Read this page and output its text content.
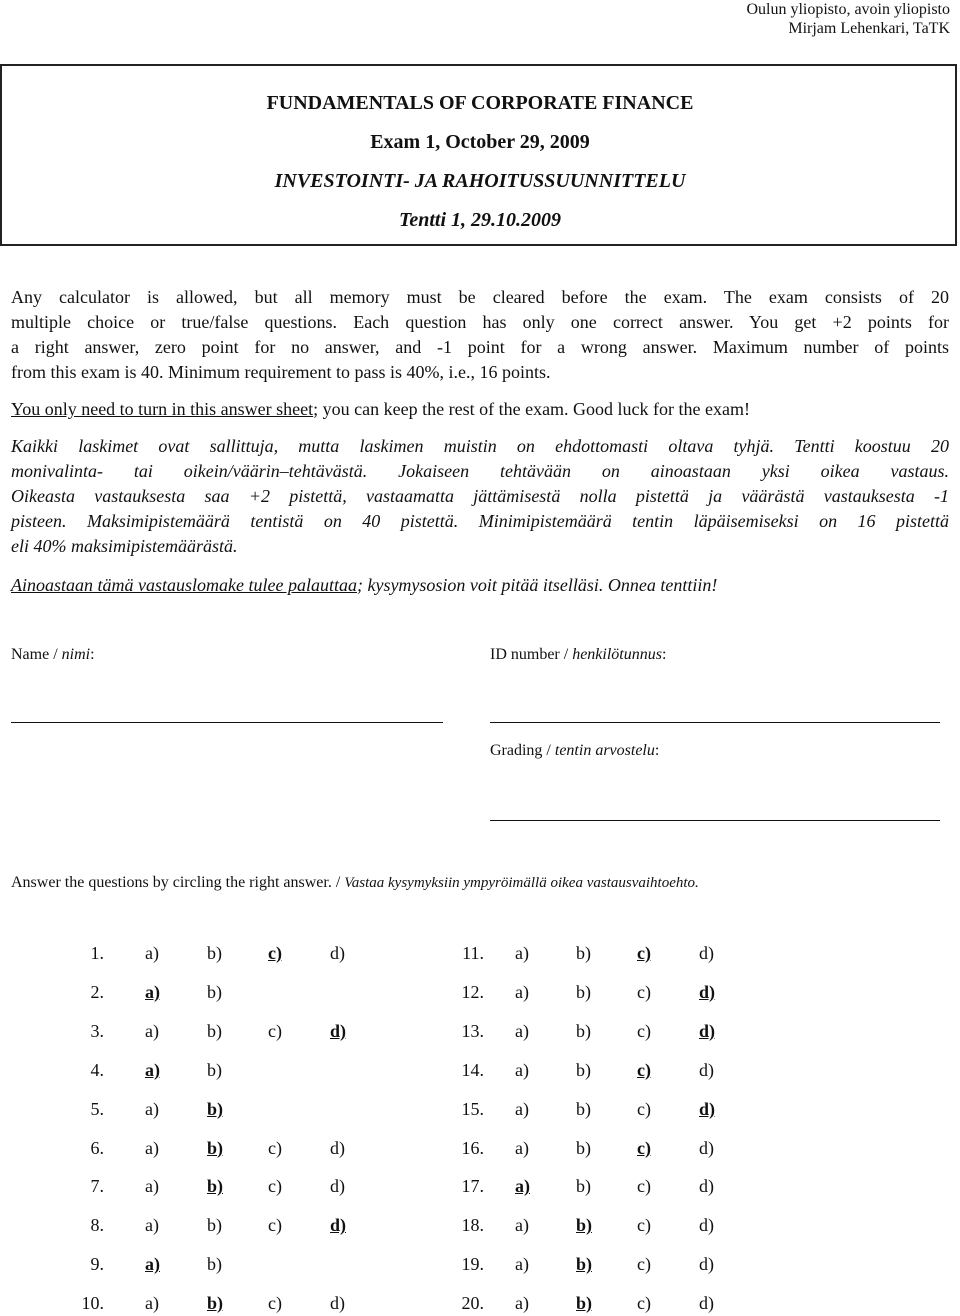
Oulun yliopisto, avoin yliopisto
Mirjam Lehenkari, TaTK
FUNDAMENTALS OF CORPORATE FINANCE
Exam 1, October 29, 2009
INVESTOINTI- JA RAHOITUSSUUNNITTELU
Tentti 1, 29.10.2009
Any calculator is allowed, but all memory must be cleared before the exam. The exam consists of 20
multiple choice or true/false questions. Each question has only one correct answer. You get +2 points for
a right answer, zero point for no answer, and -1 point for a wrong answer. Maximum number of points
from this exam is 40. Minimum requirement to pass is 40%, i.e., 16 points.
You only need to turn in this answer sheet; you can keep the rest of the exam. Good luck for the exam!
Kaikki laskimet ovat sallittuja, mutta laskimen muistin on ehdottomasti oltava tyhjä. Tentti koostuu 20
monivalinta- tai oikein/väärin–tehtävästä. Jokaiseen tehtävään on ainoastaan yksi oikea vastaus.
Oikeasta vastauksesta saa +2 pistettä, vastaamatta jättämisestä nolla pistettä ja väärästä vastauksesta -1
pisteen. Maksimipistemäärä tentistä on 40 pistettä. Minimipistemäärä tentin läpäisemiseksi on 16 pistettä
eli 40% maksimipistemäärästä.
Ainoastaan tämä vastauslomake tulee palauttaa; kysymysosion voit pitää itselläsi. Onnea tenttiin!
Name / nimi:	ID number / henkilötunnus:
Grading / tentin arvostelu:
Answer the questions by circling the right answer. / Vastaa kysymyksiin ympyröimällä oikea vastausvaihtoehto.
1. a)	b)	c)	d)
2. a)	b)
3. a)	b)	c)	d)
4. a)	b)
5. a)	b)
6. a)	b) c)	d)
7. a)	b) c)	d)
8. a)	b)	c)	d)
9. a)	b)
10. a)	b) c)	d)
11. a)	b)	c)	d)
12. a)	b)	c)	d)
13. a)	b)	c)	d)
14. a)	b)	c)	d)
15. a)	b)	c)	d)
16. a)	b)	c)	d)
17. a)	b)	c)	d)
18. a)	b) c)	d)
19. a)	b) c)	d)
20. a)	b) c)	d)
